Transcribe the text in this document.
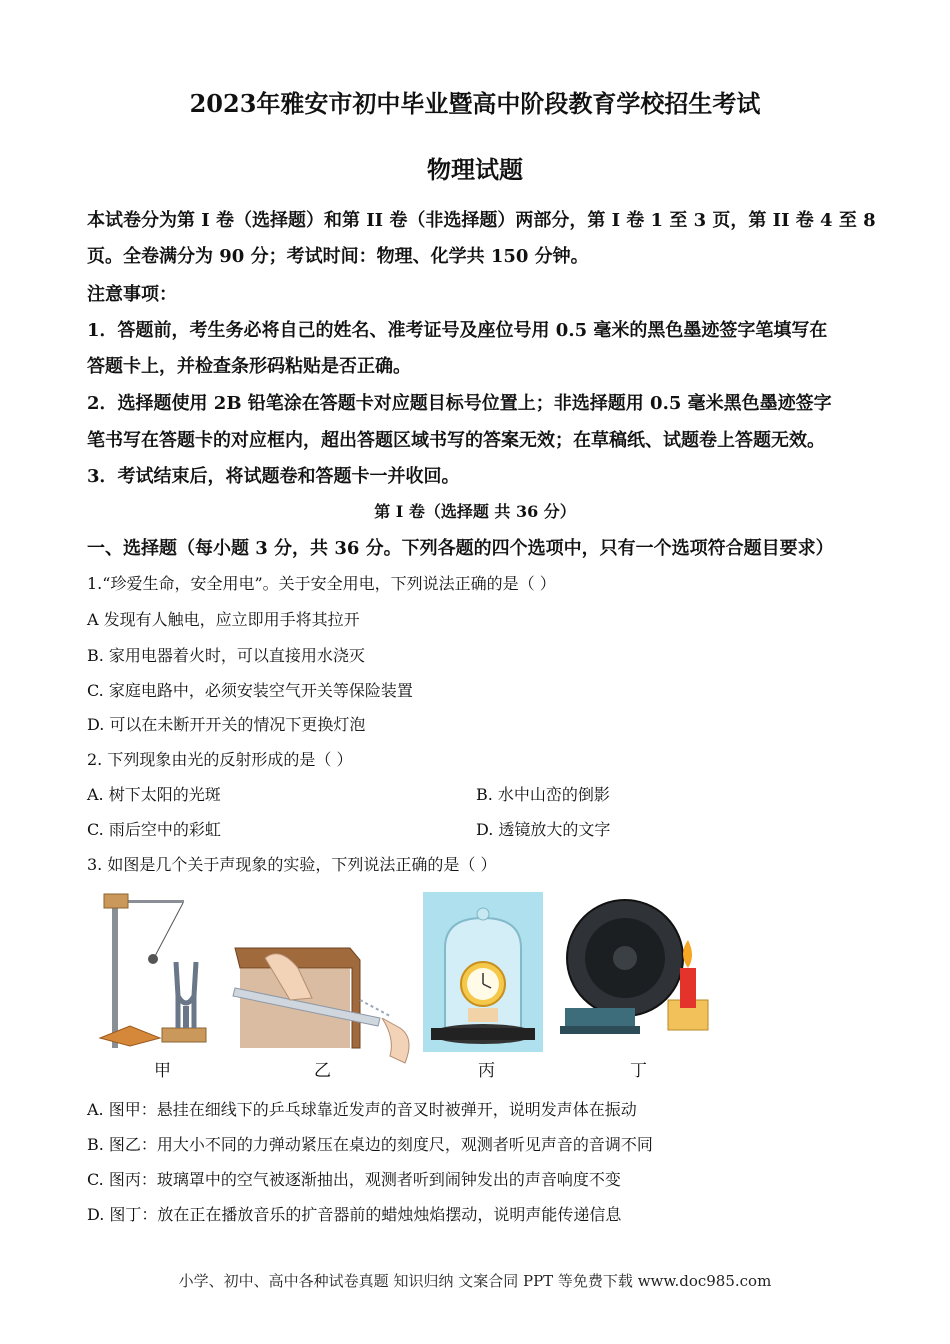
2023年雅安市初中毕业暨高中阶段教育学校招生考试
物理试题
本试卷分为第 I 卷（选择题）和第 II 卷（非选择题）两部分，第 I 卷 1 至 3 页，第 II 卷 4 至 8
页。全卷满分为 90 分；考试时间：物理、化学共 150 分钟。
注意事项：
1．答题前，考生务必将自己的姓名、准考证号及座位号用 0.5 毫米的黑色墨迹签字笔填写在
答题卡上，并检查条形码粘贴是否正确。
2．选择题使用 2B 铅笔涂在答题卡对应题目标号位置上；非选择题用 0.5 毫米黑色墨迹签字
笔书写在答题卡的对应框内，超出答题区域书写的答案无效；在草稿纸、试题卷上答题无效。
3．考试结束后，将试题卷和答题卡一并收回。
第 I 卷（选择题 共 36 分）
一、选择题（每小题 3 分，共 36 分。下列各题的四个选项中，只有一个选项符合题目要求）
1.“珍爱生命，安全用电”。关于安全用电，下列说法正确的是（ ）
A 发现有人触电，应立即用手将其拉开
B. 家用电器着火时，可以直接用水浇灭
C. 家庭电路中，必须安装空气开关等保险装置
D. 可以在未断开开关的情况下更换灯泡
2. 下列现象由光的反射形成的是（ ）
A. 树下太阳的光斑	B. 水中山峦的倒影
C. 雨后空中的彩虹	D. 透镜放大的文字
3. 如图是几个关于声现象的实验，下列说法正确的是（ ）
甲	乙	丙	丁
A. 图甲：悬挂在细线下的乒乓球靠近发声的音叉时被弹开，说明发声体在振动
B. 图乙：用大小不同的力弹动紧压在桌边的刻度尺，观测者听见声音的音调不同
C. 图丙：玻璃罩中的空气被逐渐抽出，观测者听到闹钟发出的声音响度不变
D. 图丁：放在正在播放音乐的扩音器前的蜡烛烛焰摆动，说明声能传递信息
小学、初中、高中各种试卷真题 知识归纳 文案合同 PPT 等免费下载 www.doc985.com
